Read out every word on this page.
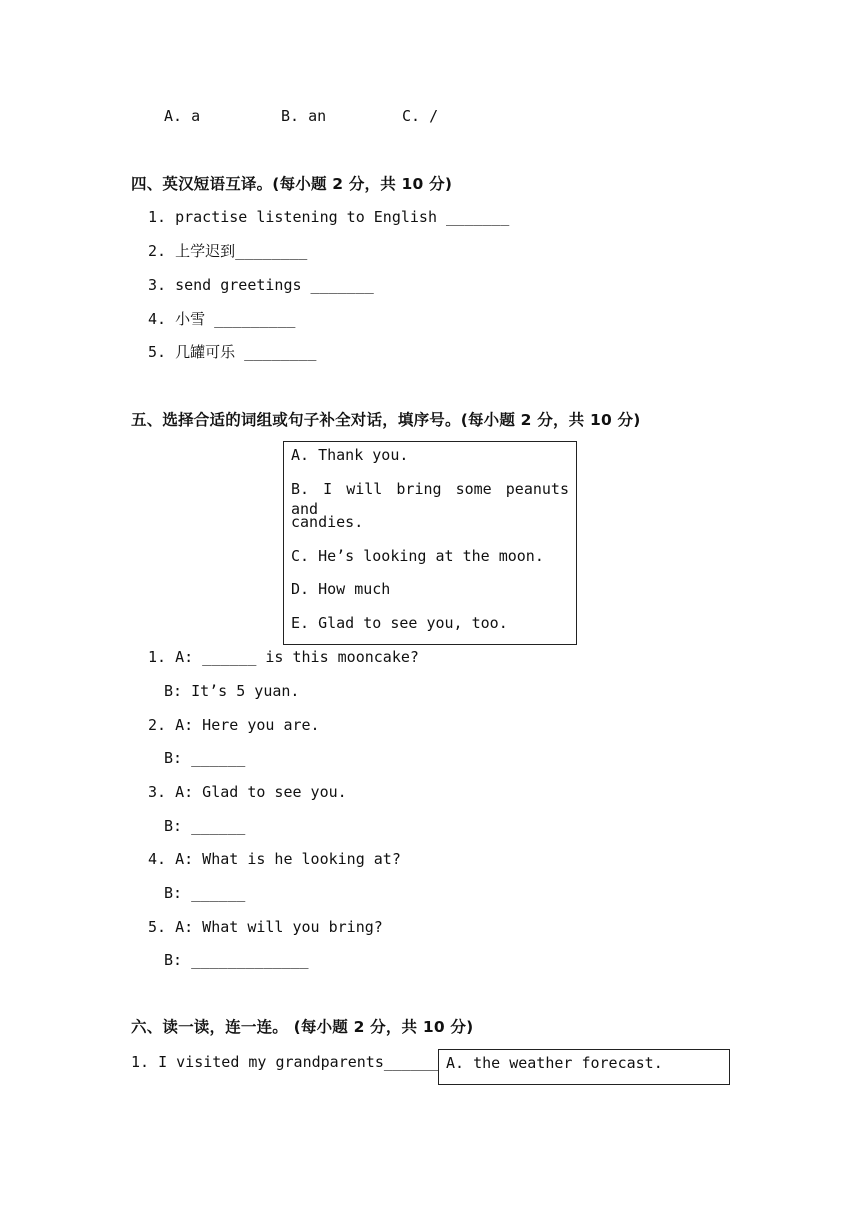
A. a	B. an	C. /
四、英汉短语互译。(每小题 2 分，共 10 分)
1. practise listening to English _______
2. 上学迟到________
3. send greetings _______
4. 小雪 _________
5. 几罐可乐 ________
五、选择合适的词组或句子补全对话，填序号。(每小题 2 分，共 10 分)
A. Thank you.
B. I will bring some peanuts and
candies.
C. He’s looking at the moon.
D. How much
E. Glad to see you, too.
1. A: ______ is this mooncake?
B: It’s 5 yuan.
2. A: Here you are.
B: ______
3. A: Glad to see you.
B: ______
4. A: What is he looking at?
B: ______
5. A: What will you bring?
B: _____________
六、读一读，连一连。 (每小题 2 分，共 10 分)
1. I visited my grandparents______ A. the weather forecast.
